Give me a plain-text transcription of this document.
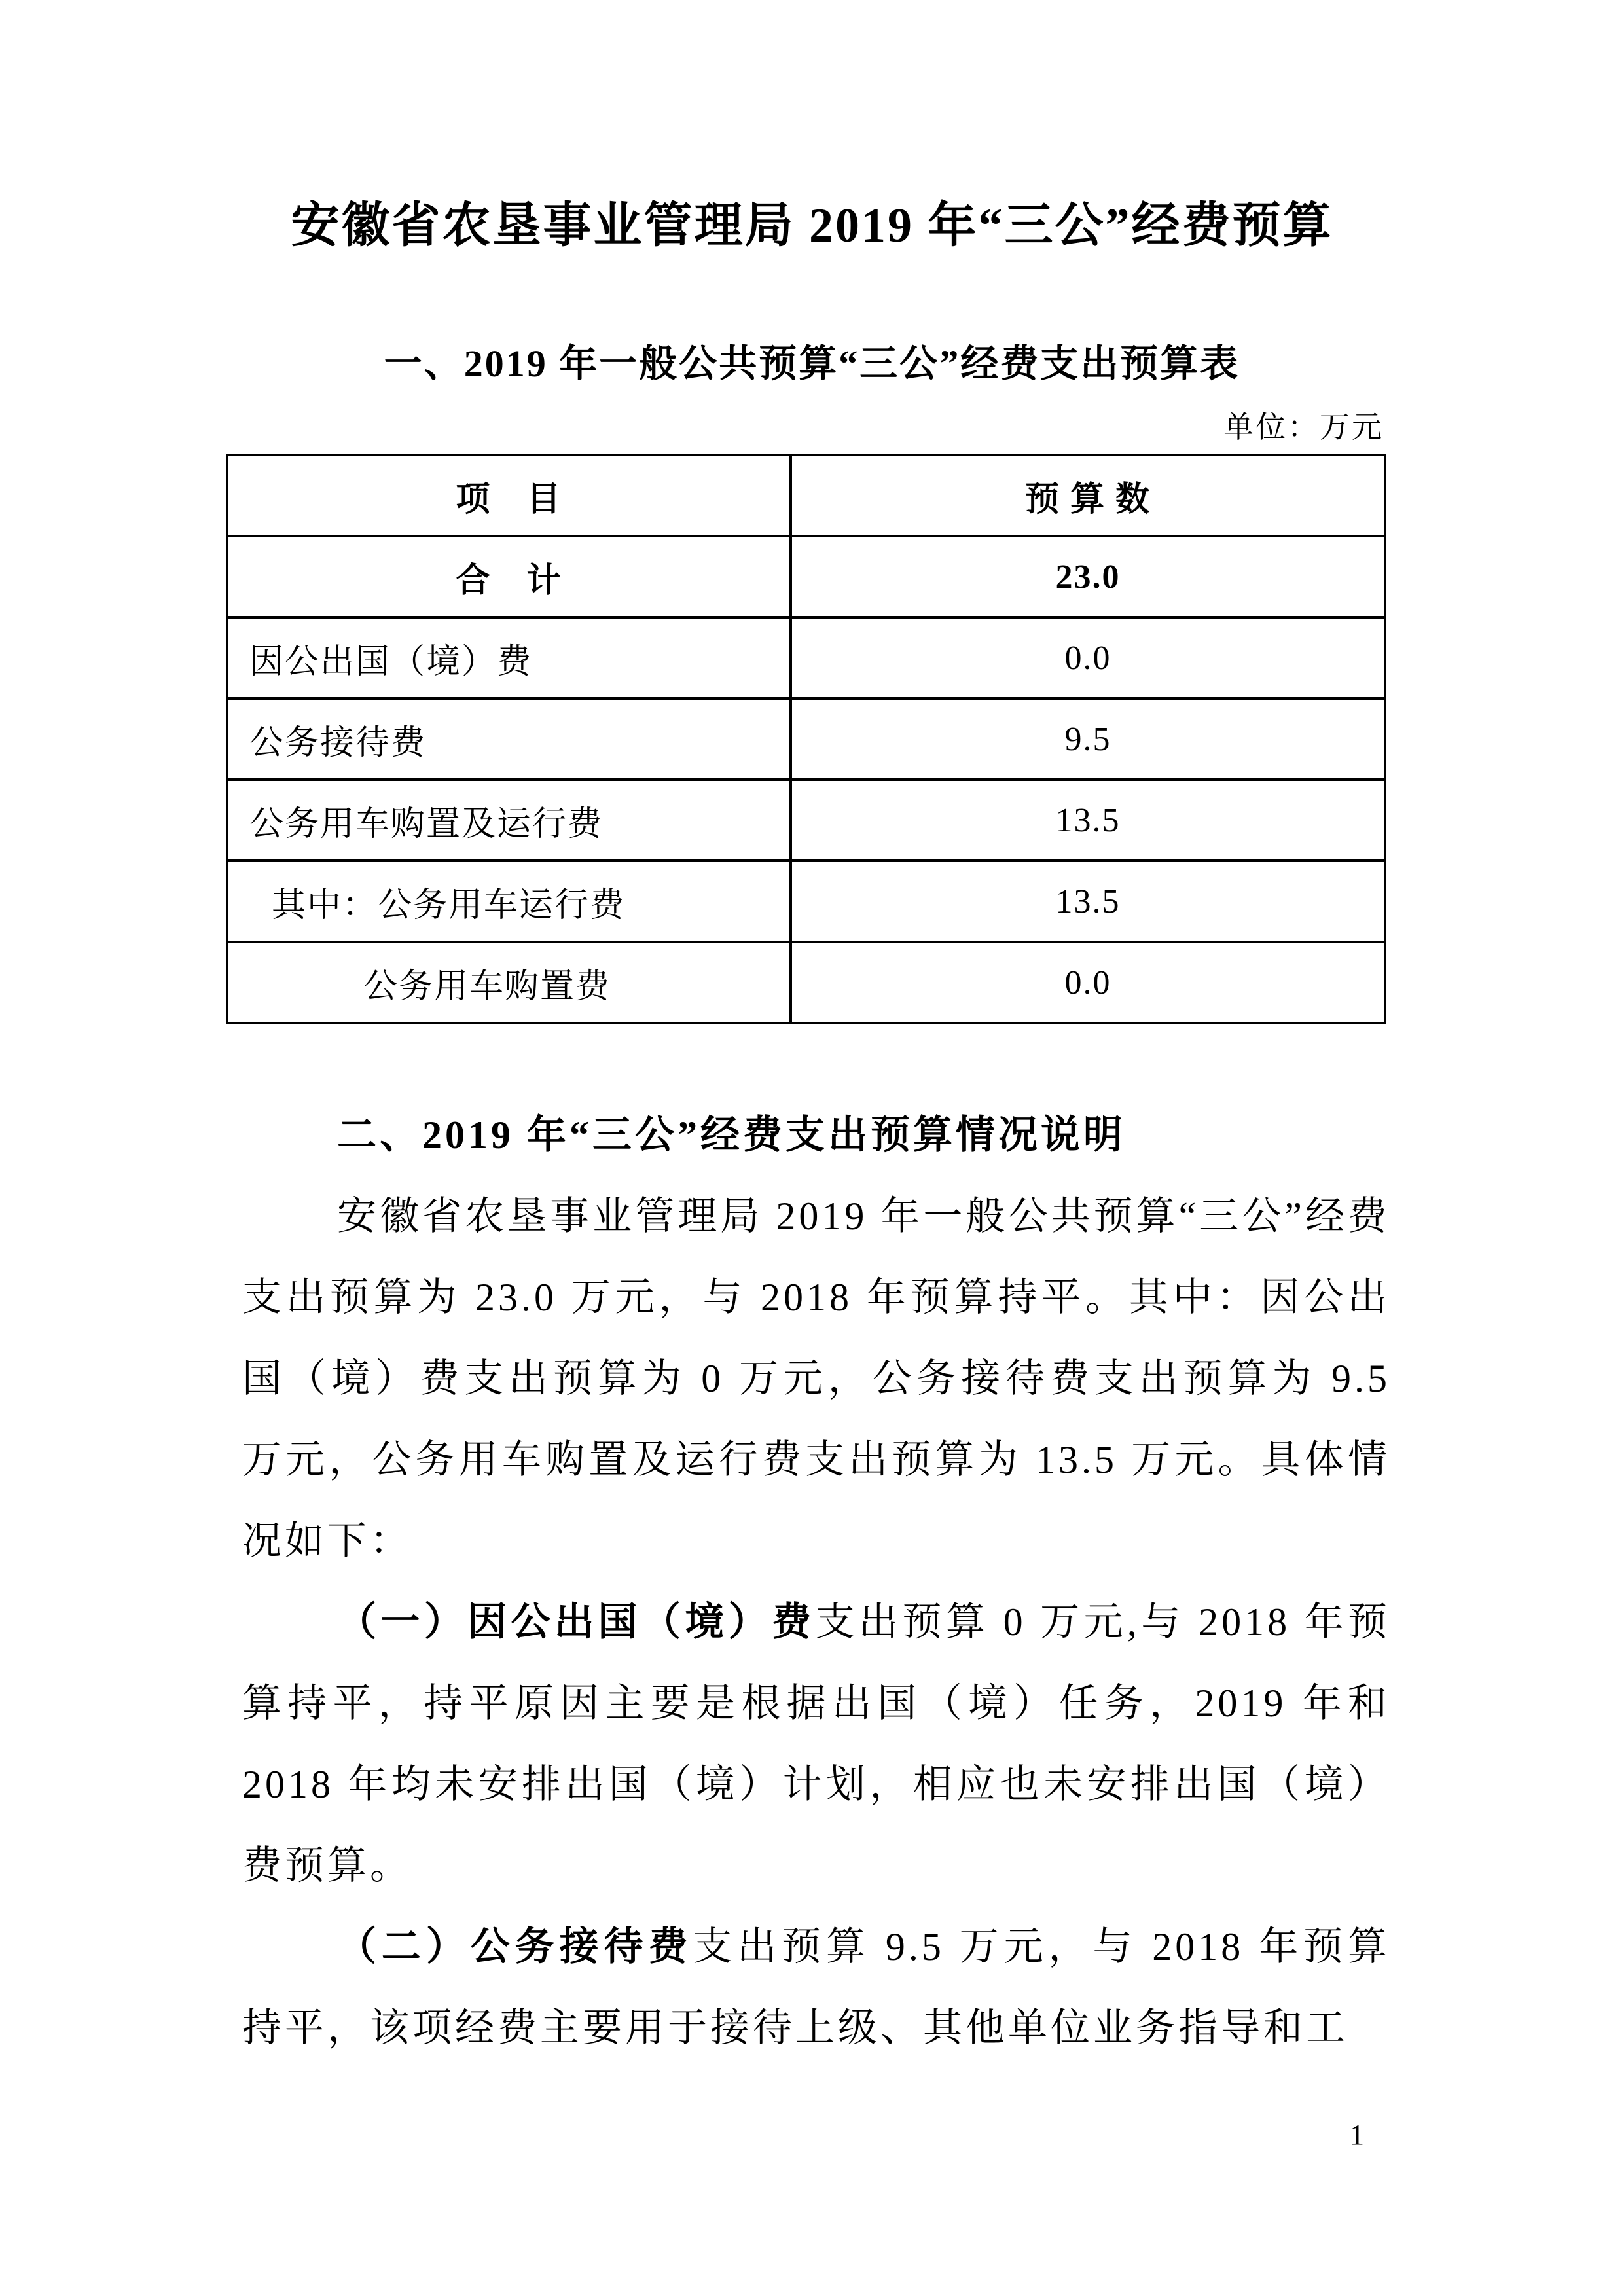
安徽省农垦事业管理局 2019 年“三公”经费预算
一、2019 年一般公共预算“三公”经费支出预算表
单位：万元
项　目	预 算 数
合　计	23.0
因公出国（境）费	0.0
公务接待费	9.5
公务用车购置及运行费	13.5
其中：公务用车运行费	13.5
公务用车购置费	0.0
二、2019 年“三公”经费支出预算情况说明

安徽省农垦事业管理局 2019 年一般公共预算“三公”经费支出预算为 23.0 万元，与 2018 年预算持平。其中：因公出国（境）费支出预算为 0 万元，公务接待费支出预算为 9.5 万元，公务用车购置及运行费支出预算为 13.5 万元。具体情况如下：

（一）因公出国（境）费支出预算 0 万元,与 2018 年预算持平，持平原因主要是根据出国（境）任务，2019 年和 2018 年均未安排出国（境）计划，相应也未安排出国（境）费预算。

（二）公务接待费支出预算 9.5 万元，与 2018 年预算持平，该项经费主要用于接待上级、其他单位业务指导和工

1
